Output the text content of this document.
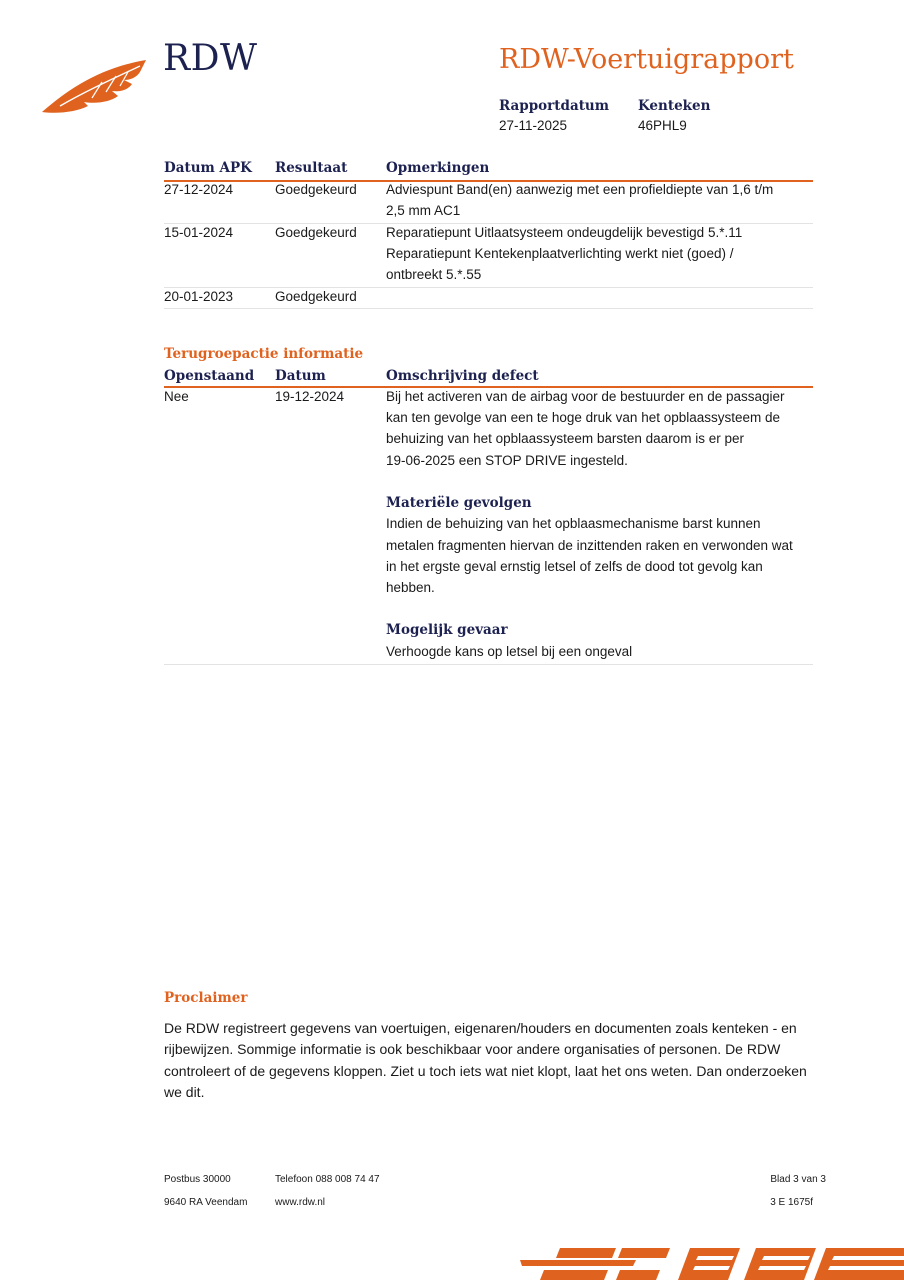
RDW	RDW-Voertuigrapport
Rapportdatum
27-11-2025
Kenteken
46PHL9
Datum APK Resultaat	Opmerkingen
27-12-2024	Goedgekeurd Adviespunt Band(en) aanwezig met een profieldiepte van 1,6 t/m
2,5 mm AC1
15-01-2024	Goedgekeurd Reparatiepunt Uitlaatsysteem ondeugdelijk bevestigd 5.*.11
Reparatiepunt Kentekenplaatverlichting werkt niet (goed) /
ontbreekt 5.*.55
20-01-2023	Goedgekeurd
Terugroepactie informatie
Openstaand Datum	Omschrijving defect
Nee	19-12-2024	Bij het activeren van de airbag voor de bestuurder en de passagier
kan ten gevolge van een te hoge druk van het opblaassysteem de
behuizing van het opblaassysteem barsten daarom is er per
19-06-2025 een STOP DRIVE ingesteld.
Materiële gevolgen
Indien de behuizing van het opblaasmechanisme barst kunnen
metalen fragmenten hiervan de inzittenden raken en verwonden wat
in het ergste geval ernstig letsel of zelfs de dood tot gevolg kan
hebben.
Mogelijk gevaar
Verhoogde kans op letsel bij een ongeval
Proclaimer
De RDW registreert gegevens van voertuigen, eigenaren/houders en documenten zoals kenteken - en rijbewijzen. Sommige informatie is ook beschikbaar voor andere organisaties of personen. De RDW controleert of de gegevens kloppen. Ziet u toch iets wat niet klopt, laat het ons weten. Dan onderzoeken we dit.
Postbus 30000
9640 RA Veendam
Telefoon 088 008 74 47
www.rdw.nl
Blad 3 van 3
3 E 1675f
